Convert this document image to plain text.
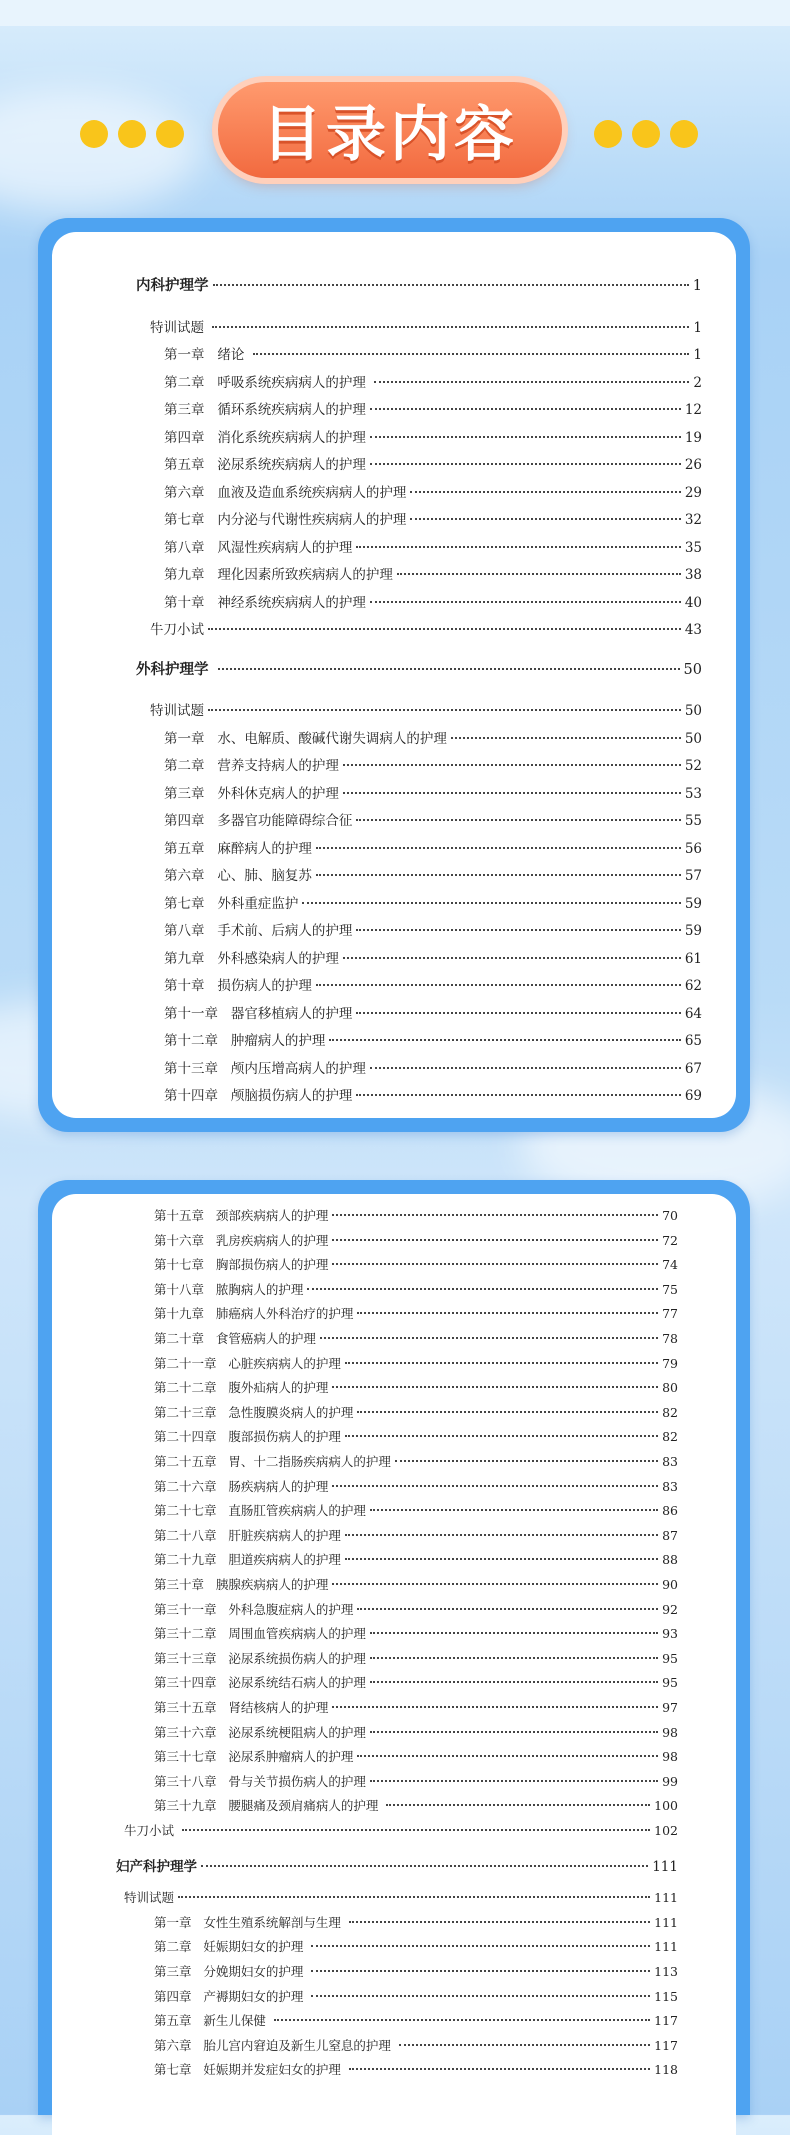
目录内容
内科护理学	1
特训试题	1
第一章   绪论	1
第二章   呼吸系统疾病病人的护理	2
第三章   循环系统疾病病人的护理	12
第四章   消化系统疾病病人的护理	19
第五章   泌尿系统疾病病人的护理	26
第六章   血液及造血系统疾病病人的护理	29
第七章   内分泌与代谢性疾病病人的护理	32
第八章   风湿性疾病病人的护理	35
第九章   理化因素所致疾病病人的护理	38
第十章   神经系统疾病病人的护理	40
牛刀小试	43
外科护理学	50
特训试题	50
第一章   水、电解质、酸碱代谢失调病人的护理	50
第二章   营养支持病人的护理	52
第三章   外科休克病人的护理	53
第四章   多器官功能障碍综合征	55
第五章   麻醉病人的护理	56
第六章   心、肺、脑复苏	57
第七章   外科重症监护	59
第八章   手术前、后病人的护理	59
第九章   外科感染病人的护理	61
第十章   损伤病人的护理	62
第十一章   器官移植病人的护理	64
第十二章   肿瘤病人的护理	65
第十三章   颅内压增高病人的护理	67
第十四章   颅脑损伤病人的护理	69
第十五章   颈部疾病病人的护理	70
第十六章   乳房疾病病人的护理	72
第十七章   胸部损伤病人的护理	74
第十八章   脓胸病人的护理	75
第十九章   肺癌病人外科治疗的护理	77
第二十章   食管癌病人的护理	78
第二十一章   心脏疾病病人的护理	79
第二十二章   腹外疝病人的护理	80
第二十三章   急性腹膜炎病人的护理	82
第二十四章   腹部损伤病人的护理	82
第二十五章   胃、十二指肠疾病病人的护理	83
第二十六章   肠疾病病人的护理	83
第二十七章   直肠肛管疾病病人的护理	86
第二十八章   肝脏疾病病人的护理	87
第二十九章   胆道疾病病人的护理	88
第三十章   胰腺疾病病人的护理	90
第三十一章   外科急腹症病人的护理	92
第三十二章   周围血管疾病病人的护理	93
第三十三章   泌尿系统损伤病人的护理	95
第三十四章   泌尿系统结石病人的护理	95
第三十五章   肾结核病人的护理	97
第三十六章   泌尿系统梗阻病人的护理	98
第三十七章   泌尿系肿瘤病人的护理	98
第三十八章   骨与关节损伤病人的护理	99
第三十九章   腰腿痛及颈肩痛病人的护理	100
牛刀小试	102
妇产科护理学	111
特训试题	111
第一章   女性生殖系统解剖与生理	111
第二章   妊娠期妇女的护理	111
第三章   分娩期妇女的护理	113
第四章   产褥期妇女的护理	115
第五章   新生儿保健	117
第六章   胎儿宫内窘迫及新生儿窒息的护理	117
第七章   妊娠期并发症妇女的护理	118
